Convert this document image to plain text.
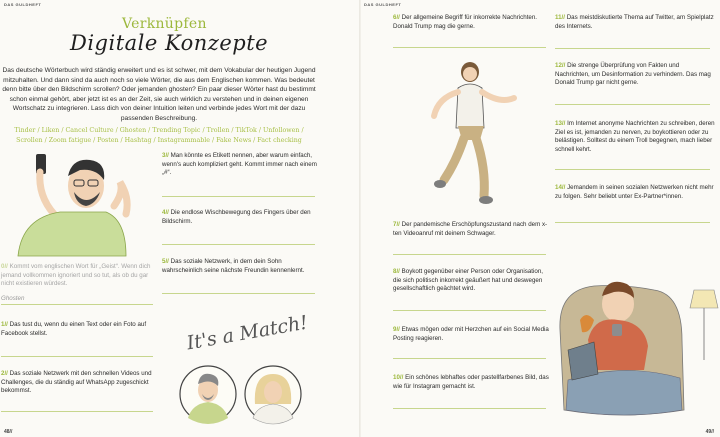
DAS GULDHEFT	DAS GULDHEFT
Verknüpfen
Digitale Konzepte
Das deutsche Wörterbuch wird ständig erweitert und es ist schwer, mit dem Vokabular der heutigen Jugend mitzuhalten. Und dann sind da auch noch so viele Wörter, die aus dem Englischen kommen. Was bedeutet denn bitte über den Bildschirm scrollen? Oder jemanden ghosten? Ein paar dieser Wörter hast du bestimmt schon einmal gehört, aber jetzt ist es an der Zeit, sie auch wirklich zu verstehen und in deinen eigenen Wortschatz zu integrieren. Lass dich von deiner Intuition leiten und verbinde jedes Wort mit der dazu passenden Beschreibung.
Tinder / Liken / Cancel Culture / Ghosten / Trending Topic / Trollen / TikTok / Unfollowen / Scrollen / Zoom fatigue / Posten / Hashtag / Instagrammable / Fake News / Fact checking
0// Kommt vom englischen Wort für „Geist“. Wenn dich jemand vollkommen ignoriert und so tut, als ob du gar nicht existieren würdest.
Ghosten
1// Das tust du, wenn du einen Text oder ein Foto auf Facebook stellst.
2// Das soziale Netzwerk mit den schnellen Videos und Challenges, die du ständig auf WhatsApp zugeschickt bekommst.
3// Man könnte es Etikett nennen, aber warum einfach, wenn's auch kompliziert geht. Kommt immer nach einem „#“.
4// Die endlose Wischbewegung des Fingers über den Bildschirm.
5// Das soziale Netzwerk, in dem dein Sohn wahrscheinlich seine nächste Freundin kennenlernt.
It's a Match!
6// Der allgemeine Begriff für inkorrekte Nachrichten. Donald Trump mag die gerne.
7// Der pandemische Erschöpfungszustand nach dem x-ten Videoanruf mit deinem Schwager.
8// Boykott gegenüber einer Person oder Organisation, die sich politisch inkorrekt geäußert hat und deswegen gesellschaftlich geächtet wird.
9// Etwas mögen oder mit Herzchen auf ein Social Media Posting reagieren.
10// Ein schönes lebhaftes oder pastellfarbenes Bild, das wie für Instagram gemacht ist.
11// Das meistdiskutierte Thema auf Twitter, am Spielplatz des Internets.
12// Die strenge Überprüfung von Fakten und Nachrichten, um Desinformation zu verhindern. Das mag Donald Trump gar nicht gerne.
13// Im Internet anonyme Nachrichten zu schreiben, deren Ziel es ist, jemanden zu nerven, zu boykottieren oder zu belästigen. Solltest du einem Troll begegnen, mach lieber schnell kehrt.
14// Jemandem in seinen sozialen Netzwerken nicht mehr zu folgen. Sehr beliebt unter Ex-Partner*innen.
48//	49//
